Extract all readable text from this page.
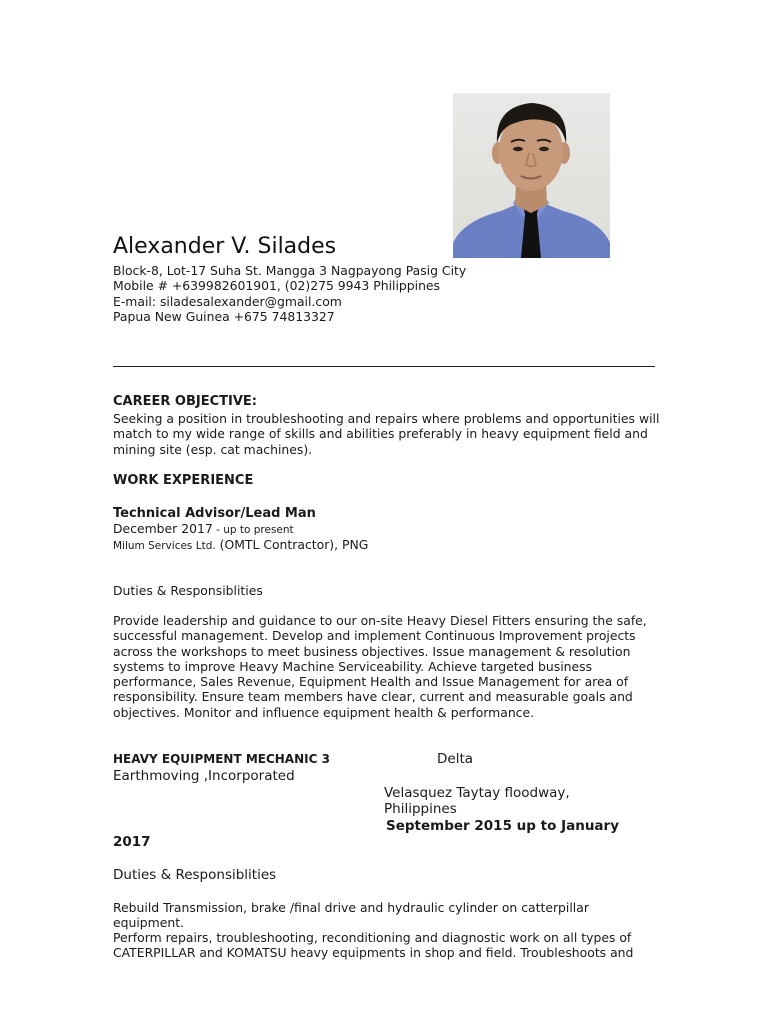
Alexander V. Silades
Block-8, Lot-17 Suha St. Mangga 3 Nagpayong Pasig City
Mobile # +639982601901, (02)275 9943 Philippines
E-mail: siladesalexander@gmail.com
Papua New Guinea +675 74813327
CAREER OBJECTIVE:
Seeking a position in troubleshooting and repairs where problems and opportunities will match to my wide range of skills and abilities preferably in heavy equipment field and mining site (esp. cat machines).
WORK EXPERIENCE
Technical Advisor/Lead Man
December 2017 - up to present
Milum Services Ltd. (OMTL Contractor), PNG
Duties & Responsiblities
Provide leadership and guidance to our on-site Heavy Diesel Fitters ensuring the safe, successful management. Develop and implement Continuous Improvement projects across the workshops to meet business objectives. Issue management & resolution systems to improve Heavy Machine Serviceability. Achieve targeted business performance, Sales Revenue, Equipment Health and Issue Management for area of responsibility. Ensure team members have clear, current and measurable goals and objectives. Monitor and influence equipment health & performance.
HEAVY EQUIPMENT MECHANIC 3	Delta
Earthmoving ,Incorporated
Velasquez Taytay floodway,
Philippines
September 2015 up to January
2017
Duties & Responsiblities
Rebuild Transmission, brake /final drive and hydraulic cylinder on catterpillar equipment.
Perform repairs, troubleshooting, reconditioning and diagnostic work on all types of CATERPILLAR and KOMATSU heavy equipments in shop and field. Troubleshoots and
